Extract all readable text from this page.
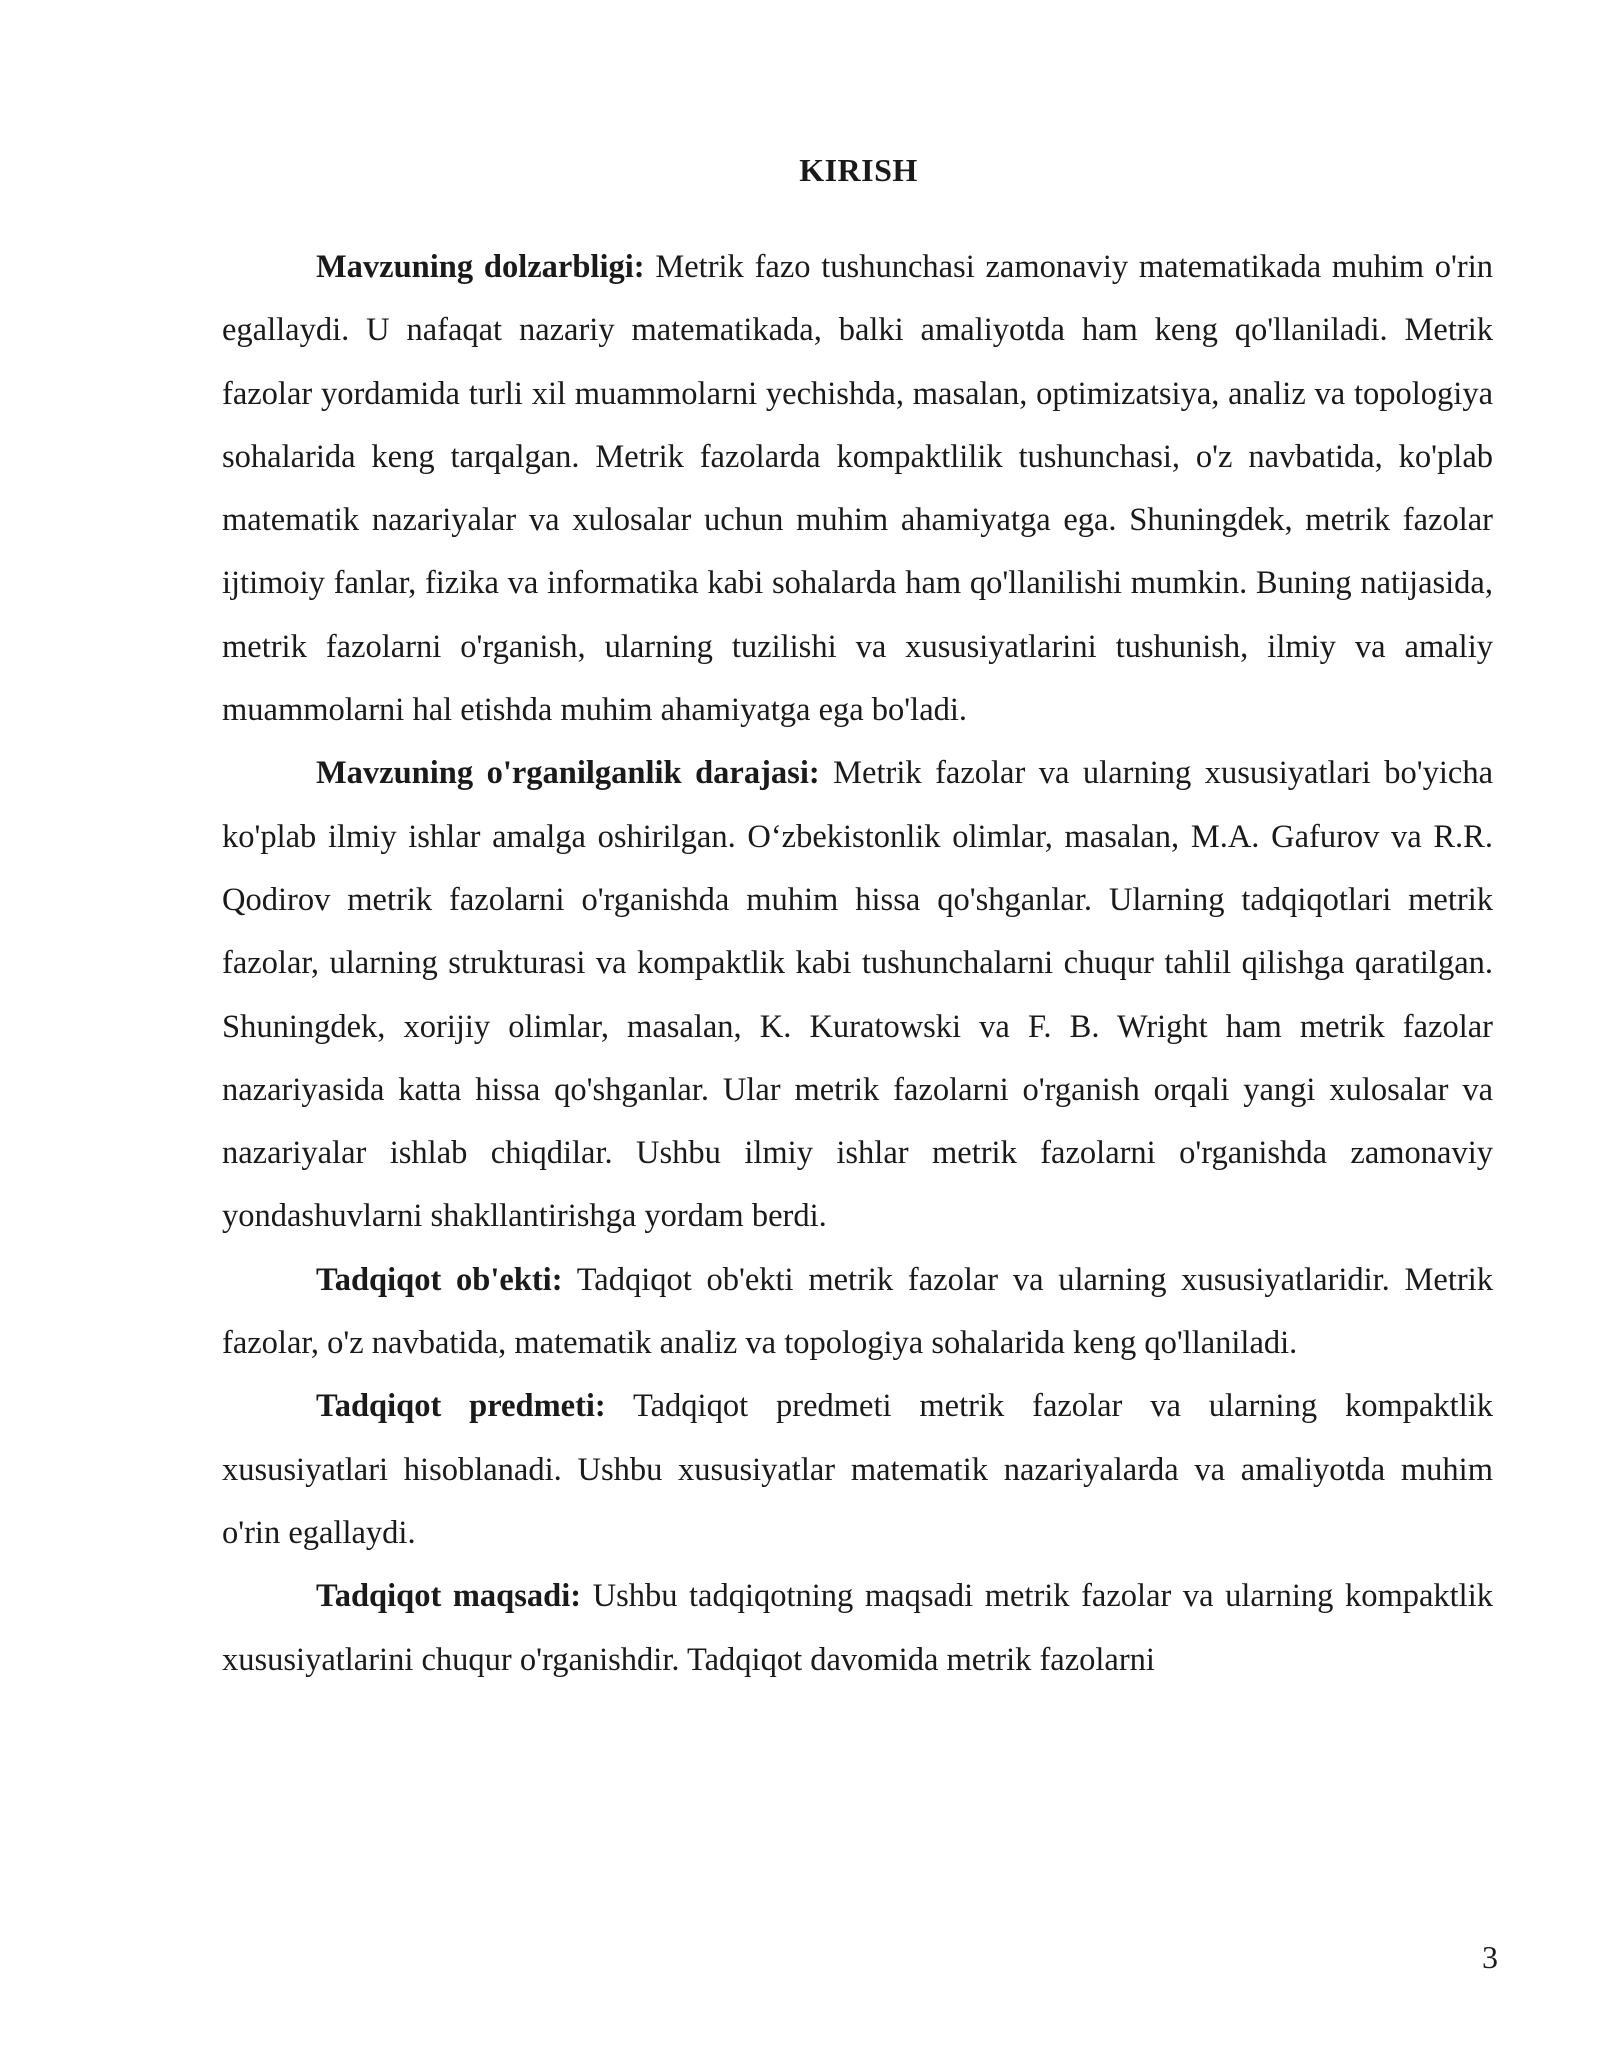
KIRISH

Mavzuning dolzarbligi: Metrik fazo tushunchasi zamonaviy matematikada muhim o'rin egallaydi. U nafaqat nazariy matematikada, balki amaliyotda ham keng qo'llaniladi. Metrik fazolar yordamida turli xil muammolarni yechishda, masalan, optimizatsiya, analiz va topologiya sohalarida keng tarqalgan. Metrik fazolarda kompaktlilik tushunchasi, o'z navbatida, ko'plab matematik nazariyalar va xulosalar uchun muhim ahamiyatga ega. Shuningdek, metrik fazolar ijtimoiy fanlar, fizika va informatika kabi sohalarda ham qo'llanilishi mumkin. Buning natijasida, metrik fazolarni o'rganish, ularning tuzilishi va xususiyatlarini tushunish, ilmiy va amaliy muammolarni hal etishda muhim ahamiyatga ega bo'ladi.

Mavzuning o'rganilganlik darajasi: Metrik fazolar va ularning xususiyatlari bo'yicha ko'plab ilmiy ishlar amalga oshirilgan. O‘zbekistonlik olimlar, masalan, M.A. Gafurov va R.R. Qodirov metrik fazolarni o'rganishda muhim hissa qo'shganlar. Ularning tadqiqotlari metrik fazolar, ularning strukturasi va kompaktlik kabi tushunchalarni chuqur tahlil qilishga qaratilgan. Shuningdek, xorijiy olimlar, masalan, K. Kuratowski va F. B. Wright ham metrik fazolar nazariyasida katta hissa qo'shganlar. Ular metrik fazolarni o'rganish orqali yangi xulosalar va nazariyalar ishlab chiqdilar. Ushbu ilmiy ishlar metrik fazolarni o'rganishda zamonaviy yondashuvlarni shakllantirishga yordam berdi.

Tadqiqot ob'ekti: Tadqiqot ob'ekti metrik fazolar va ularning xususiyatlaridir. Metrik fazolar, o'z navbatida, matematik analiz va topologiya sohalarida keng qo'llaniladi.

Tadqiqot predmeti: Tadqiqot predmeti metrik fazolar va ularning kompaktlik xususiyatlari hisoblanadi. Ushbu xususiyatlar matematik nazariyalarda va amaliyotda muhim o'rin egallaydi.

Tadqiqot maqsadi: Ushbu tadqiqotning maqsadi metrik fazolar va ularning kompaktlik xususiyatlarini chuqur o'rganishdir. Tadqiqot davomida metrik fazolarni

3
